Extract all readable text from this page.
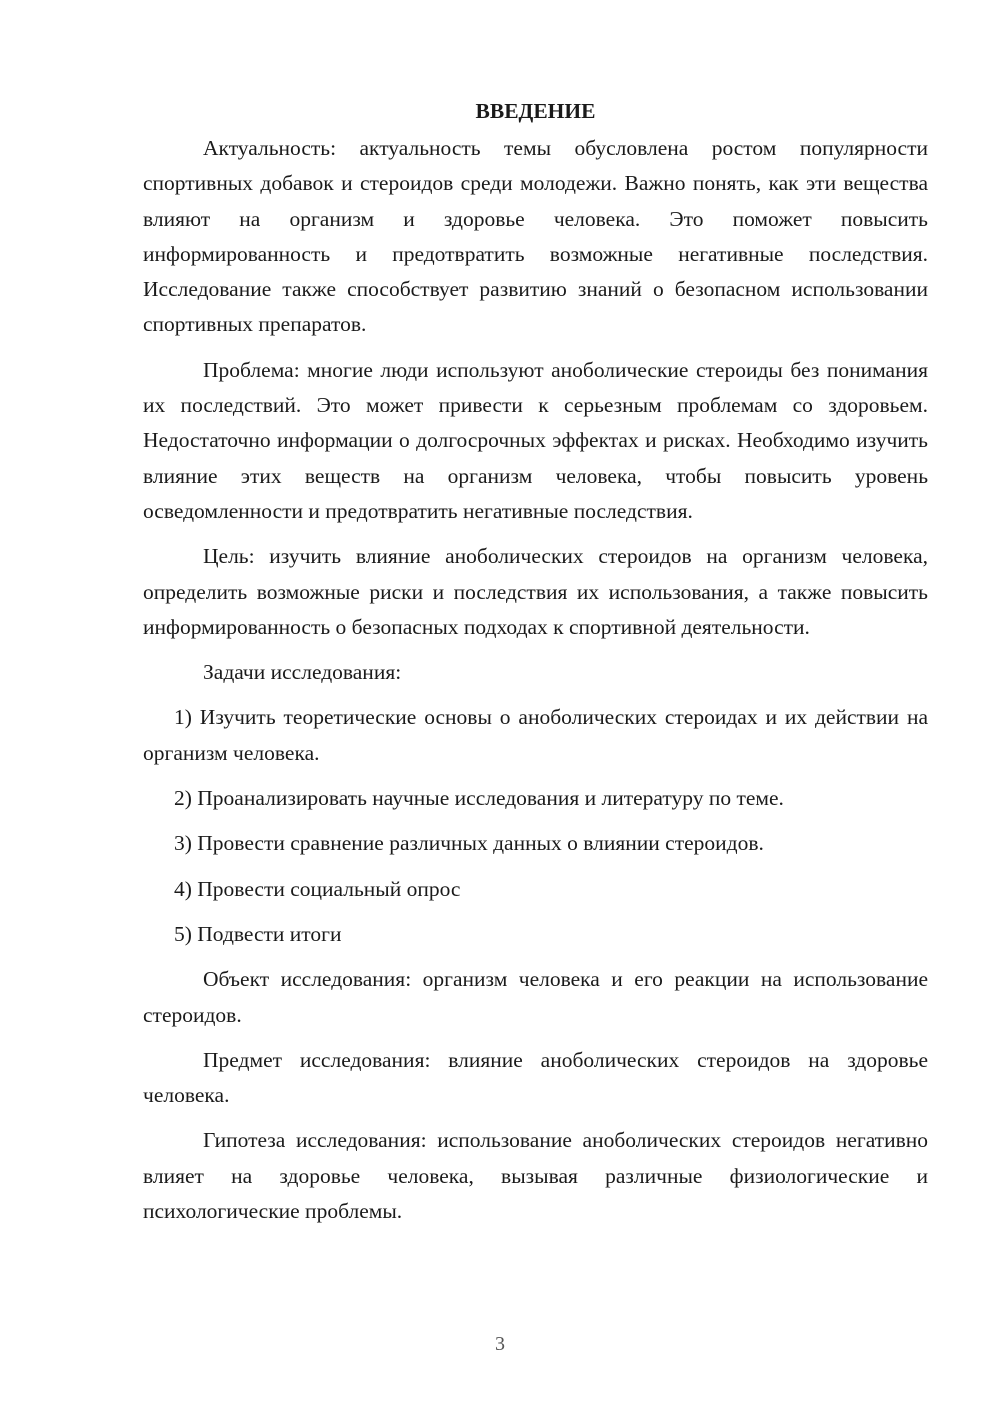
ВВЕДЕНИЕ

Актуальность: актуальность темы обусловлена ростом популярности спортивных добавок и стероидов среди молодежи. Важно понять, как эти вещества влияют на организм и здоровье человека. Это поможет повысить информированность и предотвратить возможные негативные последствия. Исследование также способствует развитию знаний о безопасном использовании спортивных препаратов.

Проблема: многие люди используют аноболические стероиды без понимания их последствий. Это может привести к серьезным проблемам со здоровьем. Недостаточно информации о долгосрочных эффектах и рисках. Необходимо изучить влияние этих веществ на организм человека, чтобы повысить уровень осведомленности и предотвратить негативные последствия.

Цель: изучить влияние аноболических стероидов на организм человека, определить возможные риски и последствия их использования, а также повысить информированность о безопасных подходах к спортивной деятельности.

Задачи исследования:

1) Изучить теоретические основы о аноболических стероидах и их действии на организм человека.

2) Проанализировать научные исследования и литературу по теме.

3) Провести сравнение различных данных о влиянии стероидов.

4) Провести социальный опрос

5) Подвести итоги

Объект исследования: организм человека и его реакции на использование стероидов.

Предмет исследования: влияние аноболических стероидов на здоровье человека.

Гипотеза исследования: использование аноболических стероидов негативно влияет на здоровье человека, вызывая различные физиологические и психологические проблемы.

3
